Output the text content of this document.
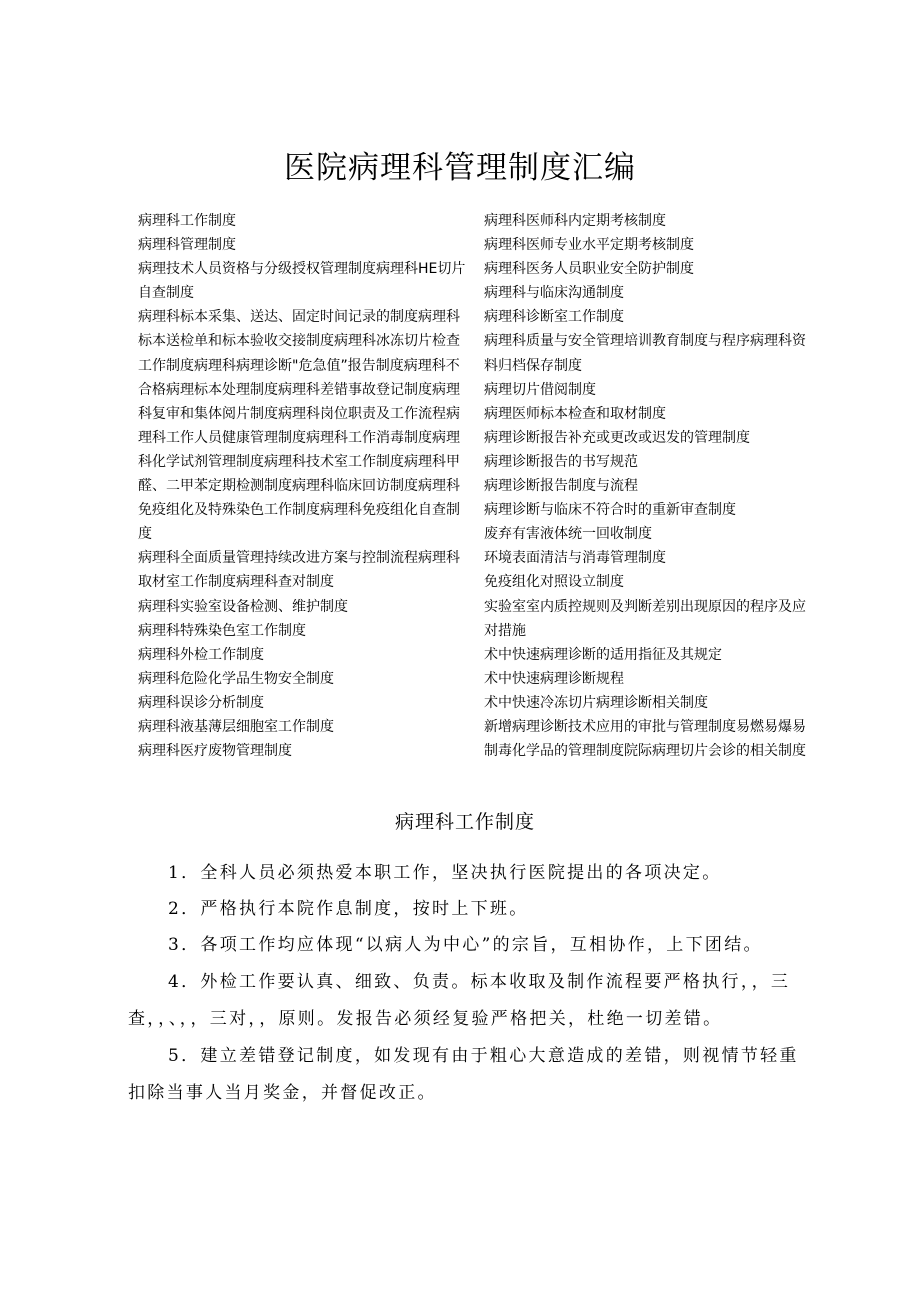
医院病理科管理制度汇编
病理科工作制度
病理科管理制度
病理技术人员资格与分级授权管理制度病理科HE切片自查制度
病理科标本采集、送达、固定时间记录的制度病理科标本送检单和标本验收交接制度病理科冰冻切片检查工作制度病理科病理诊断"危急值”报告制度病理科不合格病理标本处理制度病理科差错事故登记制度病理科复审和集体阅片制度病理科岗位职责及工作流程病理科工作人员健康管理制度病理科工作消毒制度病理科化学试剂管理制度病理科技术室工作制度病理科甲醛、二甲苯定期检测制度病理科临床回访制度病理科免疫组化及特殊染色工作制度病理科免疫组化自查制度
病理科全面质量管理持续改进方案与控制流程病理科取材室工作制度病理科查对制度
病理科实验室设备检测、维护制度
病理科特殊染色室工作制度
病理科外检工作制度
病理科危险化学品生物安全制度
病理科误诊分析制度
病理科液基薄层细胞室工作制度
病理科医疗废物管理制度
病理科医师科内定期考核制度
病理科医师专业水平定期考核制度
病理科医务人员职业安全防护制度
病理科与临床沟通制度
病理科诊断室工作制度
病理科质量与安全管理培训教育制度与程序病理科资料归档保存制度
病理切片借阅制度
病理医师标本检查和取材制度
病理诊断报告补充或更改或迟发的管理制度
病理诊断报告的书写规范
病理诊断报告制度与流程
病理诊断与临床不符合时的重新审查制度
废弃有害液体统一回收制度
环境表面清洁与消毒管理制度
免疫组化对照设立制度
实验室室内质控规则及判断差别出现原因的程序及应对措施
术中快速病理诊断的适用指征及其规定
术中快速病理诊断规程
术中快速冷冻切片病理诊断相关制度
新增病理诊断技术应用的审批与管理制度易燃易爆易制毒化学品的管理制度院际病理切片会诊的相关制度
病理科工作制度

1．全科人员必须热爱本职工作，坚决执行医院提出的各项决定。

2．严格执行本院作息制度，按时上下班。

3．各项工作均应体现“以病人为中心”的宗旨，互相协作，上下团结。

4．外检工作要认真、细致、负责。标本收取及制作流程要严格执行，，三查，，、，，三对，，原则。发报告必须经复验严格把关，杜绝一切差错。

5．建立差错登记制度，如发现有由于粗心大意造成的差错，则视情节轻重扣除当事人当月奖金，并督促改正。
